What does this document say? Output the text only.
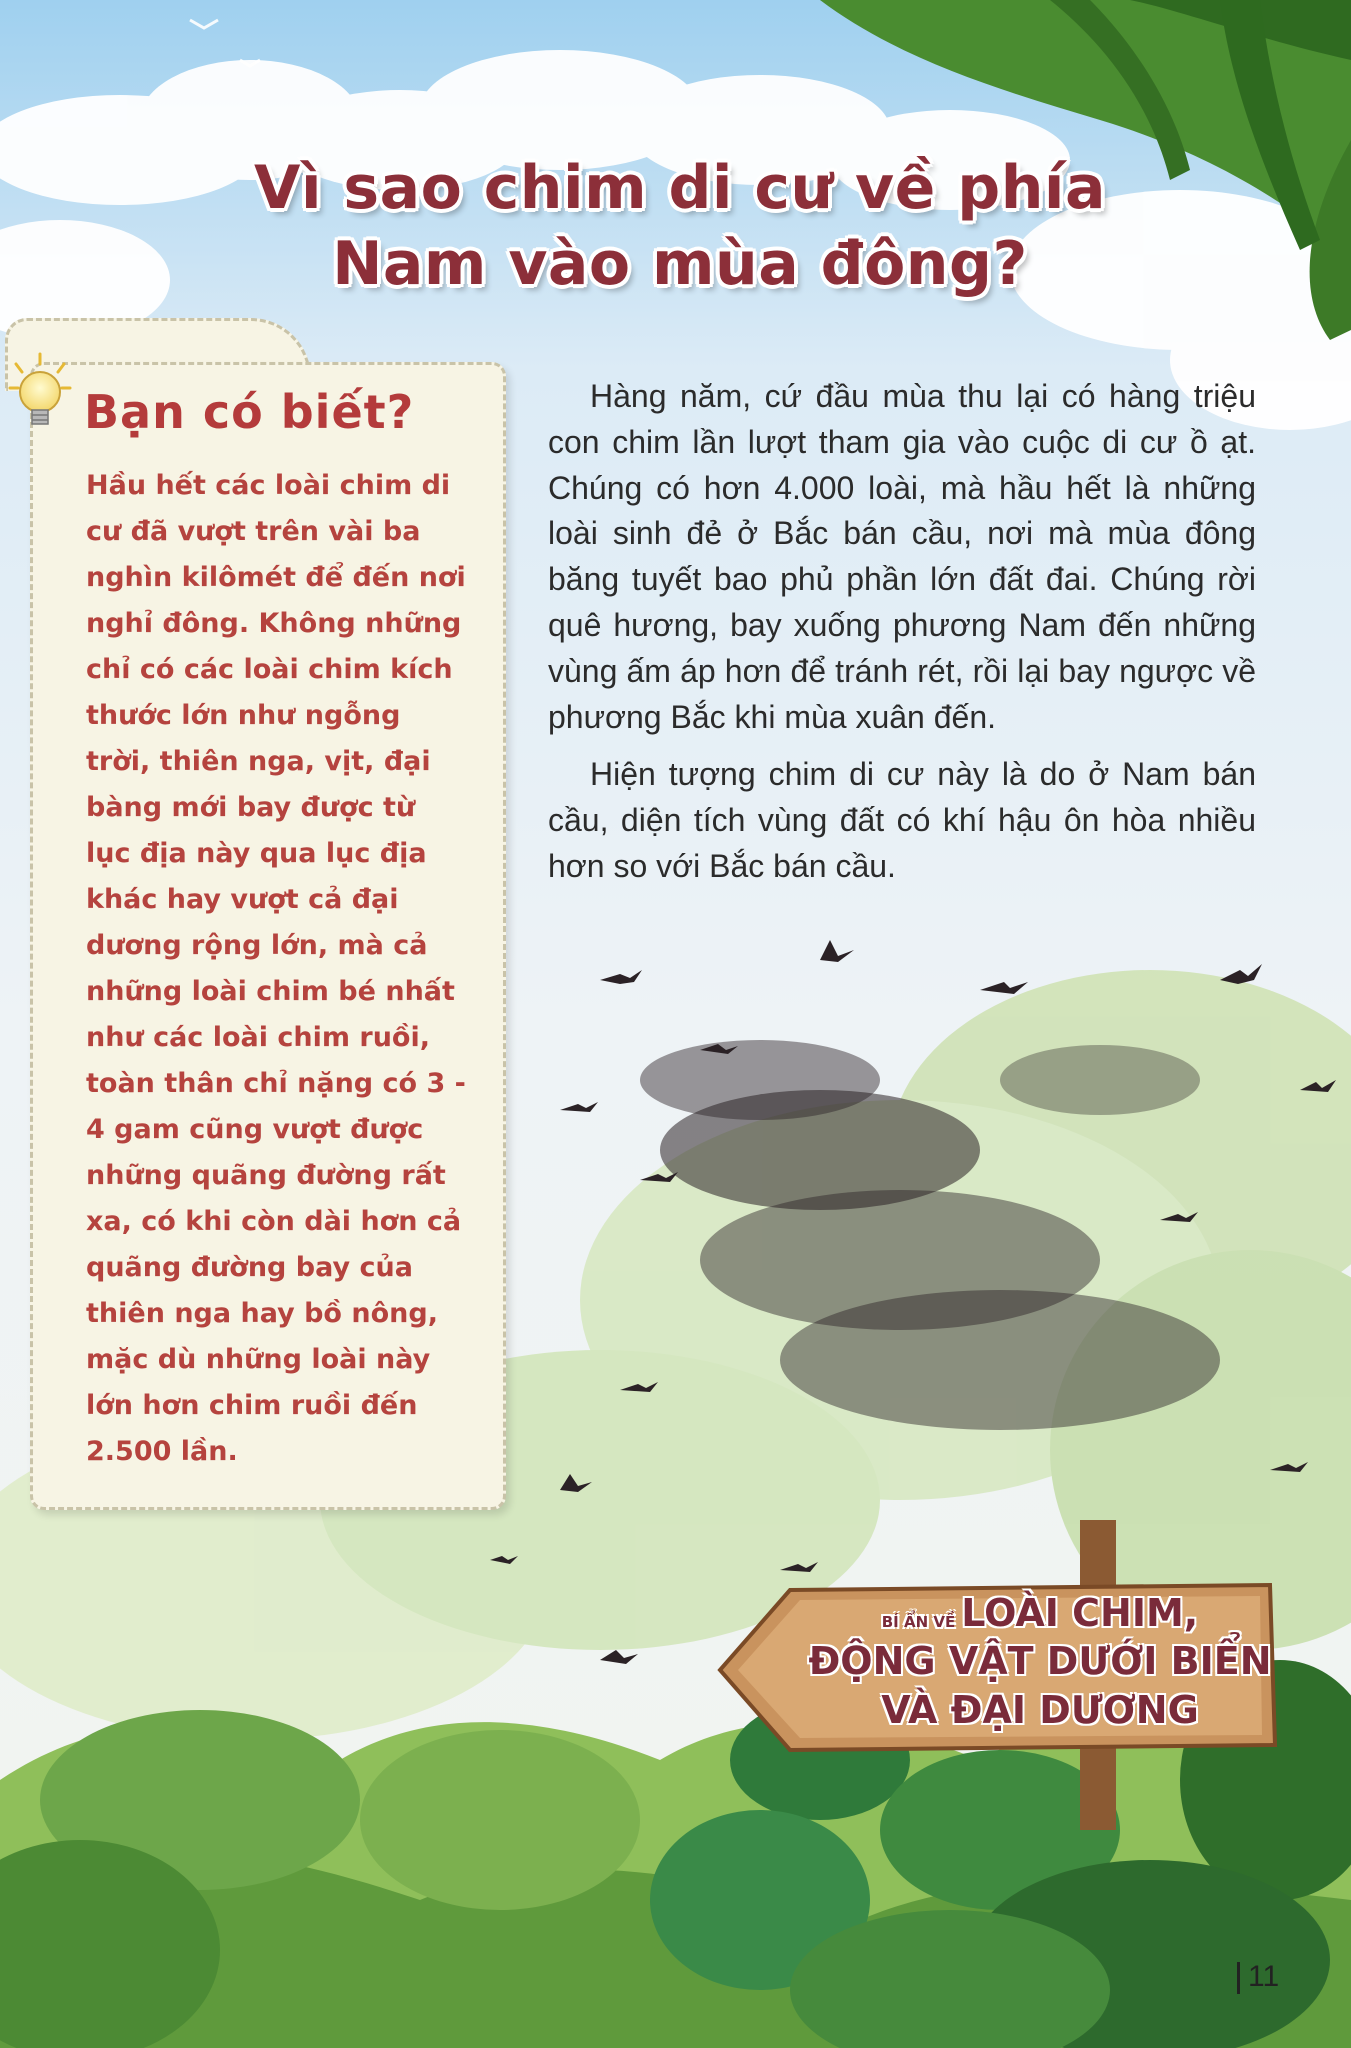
Vì sao chim di cư về phía
Nam vào mùa đông?
Bạn có biết?

Hầu hết các loài chim di cư đã vượt trên vài ba nghìn kilômét để đến nơi nghỉ đông. Không những chỉ có các loài chim kích thước lớn như ngỗng trời, thiên nga, vịt, đại bàng mới bay được từ lục địa này qua lục địa khác hay vượt cả đại dương rộng lớn, mà cả những loài chim bé nhất như các loài chim ruồi, toàn thân chỉ nặng có 3 - 4 gam cũng vượt được những quãng đường rất xa, có khi còn dài hơn cả quãng đường bay của thiên nga hay bồ nông, mặc dù những loài này lớn hơn chim ruồi đến 2.500 lần.

Hàng năm, cứ đầu mùa thu lại có hàng triệu con chim lần lượt tham gia vào cuộc di cư ồ ạt. Chúng có hơn 4.000 loài, mà hầu hết là những loài sinh đẻ ở Bắc bán cầu, nơi mà mùa đông băng tuyết bao phủ phần lớn đất đai. Chúng rời quê hương, bay xuống phương Nam đến những vùng ấm áp hơn để tránh rét, rồi lại bay ngược về phương Bắc khi mùa xuân đến.

Hiện tượng chim di cư này là do ở Nam bán cầu, diện tích vùng đất có khí hậu ôn hòa nhiều hơn so với Bắc bán cầu.

BÍ ẨN VỀ LOÀI CHIM,
ĐỘNG VẬT DƯỚI BIỂN
VÀ ĐẠI DƯƠNG
11
